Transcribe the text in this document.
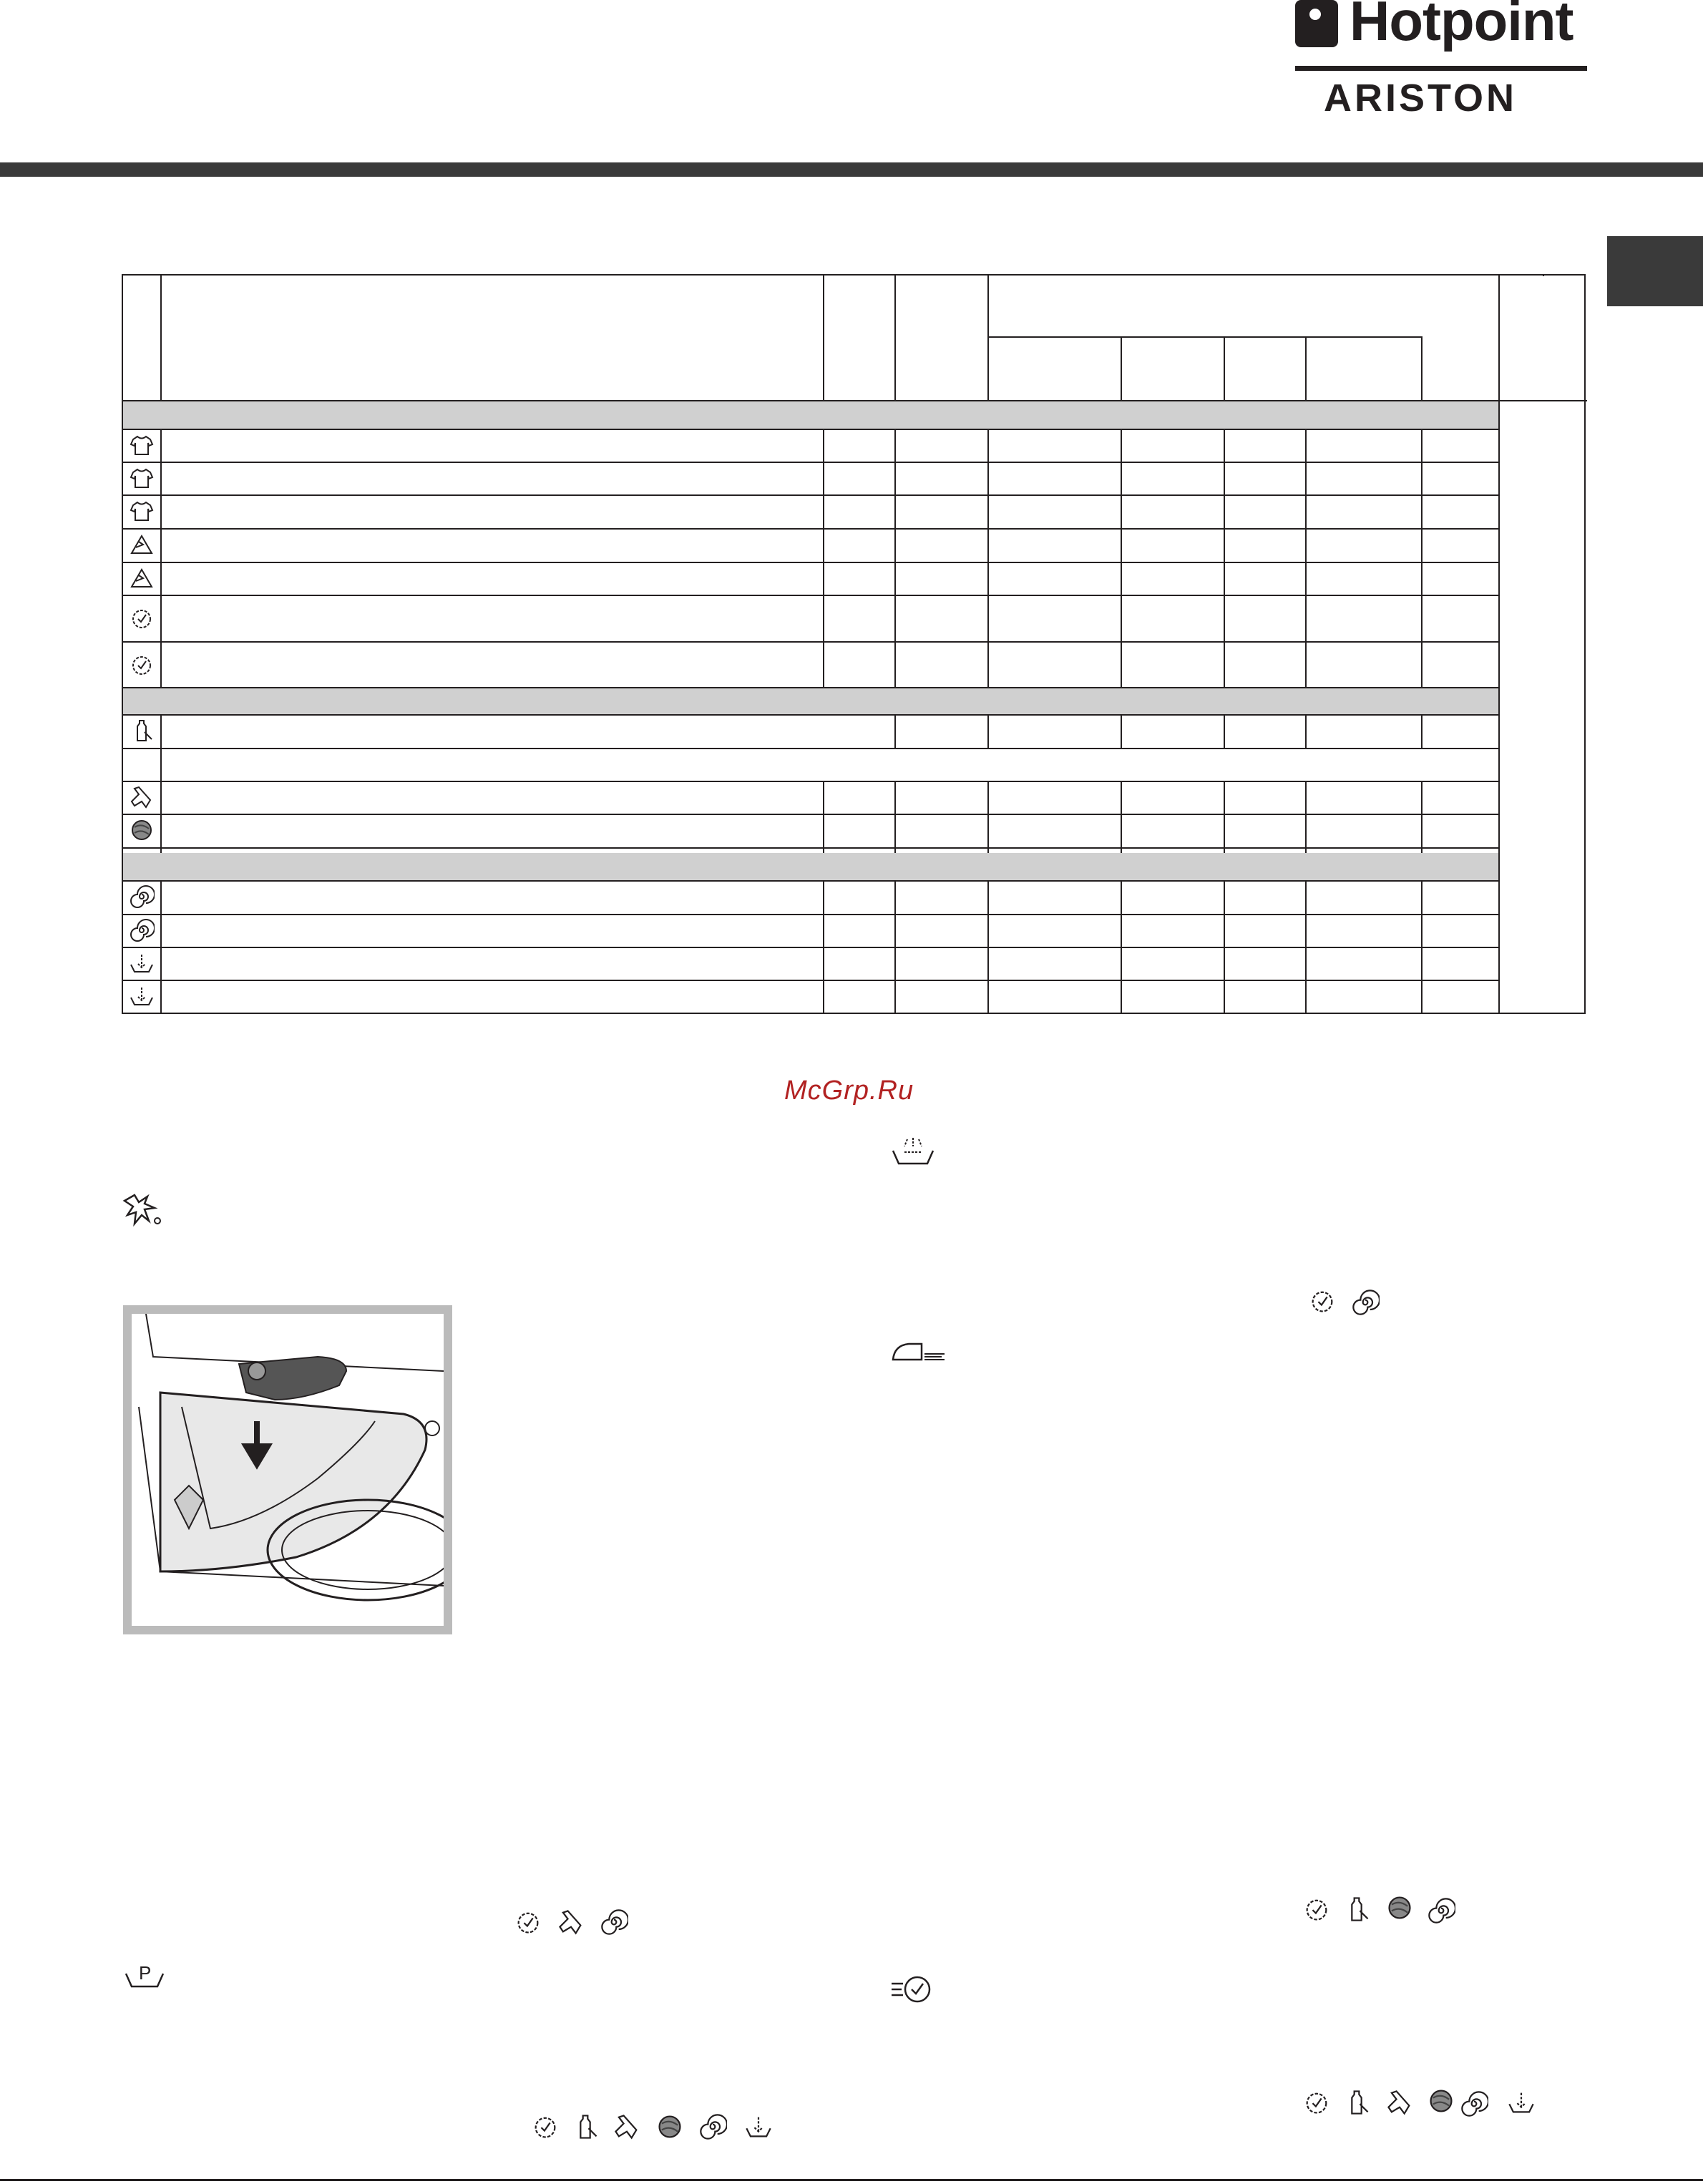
Hotpoint
ARISTON
McGrp.Ru
P
